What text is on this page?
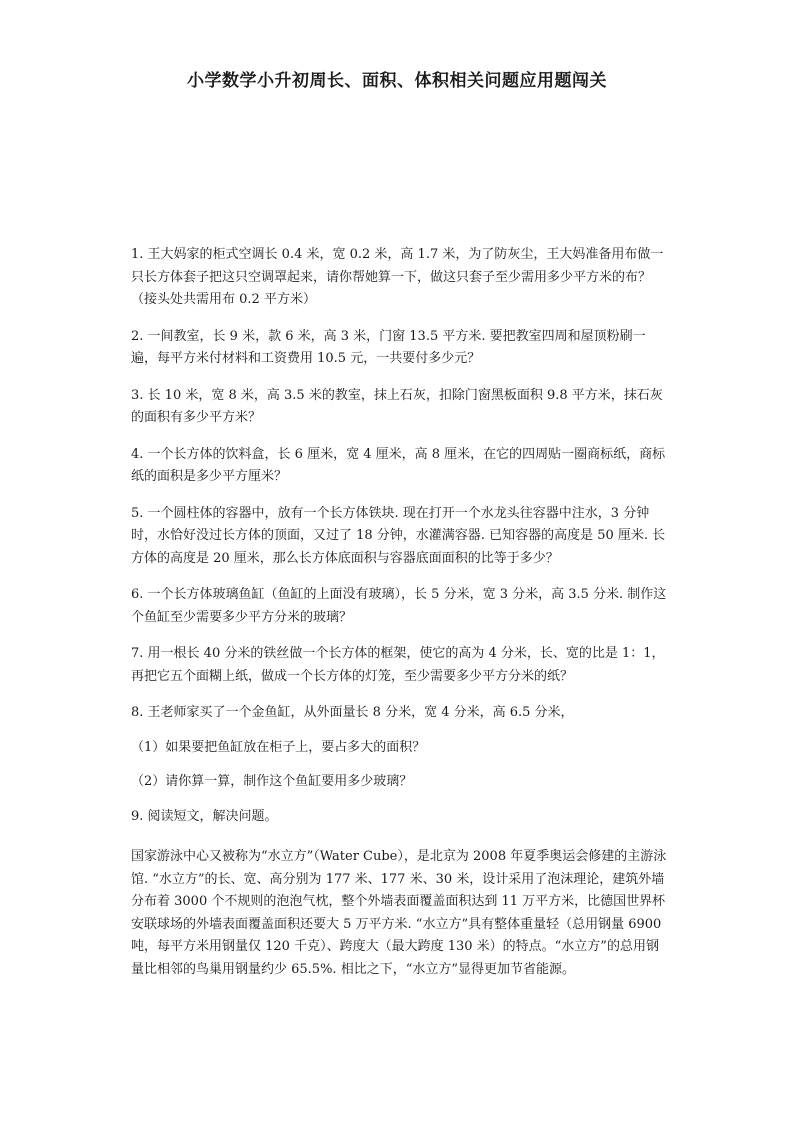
小学数学小升初周长、面积、体积相关问题应用题闯关

1. 王大妈家的柜式空调长 0.4 米，宽 0.2 米，高 1.7 米，为了防灰尘，王大妈准备用布做一只长方体套子把这只空调罩起来，请你帮她算一下，做这只套子至少需用多少平方米的布？（接头处共需用布 0.2 平方米）

2. 一间教室，长 9 米，款 6 米，高 3 米，门窗 13.5 平方米. 要把教室四周和屋顶粉刷一遍，每平方米付材料和工资费用 10.5 元，一共要付多少元？

3. 长 10 米，宽 8 米，高 3.5 米的教室，抹上石灰，扣除门窗黑板面积 9.8 平方米，抹石灰的面积有多少平方米？

4. 一个长方体的饮料盒，长 6 厘米，宽 4 厘米，高 8 厘米，在它的四周贴一圈商标纸，商标纸的面积是多少平方厘米？

5. 一个圆柱体的容器中，放有一个长方体铁块. 现在打开一个水龙头往容器中注水，3 分钟时，水恰好没过长方体的顶面，又过了 18 分钟，水灌满容器. 已知容器的高度是 50 厘米. 长方体的高度是 20 厘米，那么长方体底面积与容器底面面积的比等于多少？

6. 一个长方体玻璃鱼缸（鱼缸的上面没有玻璃），长 5 分米，宽 3 分米，高 3.5 分米. 制作这个鱼缸至少需要多少平方分米的玻璃？

7. 用一根长 40 分米的铁丝做一个长方体的框架，使它的高为 4 分米，长、宽的比是 1：1，再把它五个面糊上纸，做成一个长方体的灯笼，至少需要多少平方分米的纸？

8. 王老师家买了一个金鱼缸，从外面量长 8 分米，宽 4 分米，高 6.5 分米，

（1）如果要把鱼缸放在柜子上，要占多大的面积？

（2）请你算一算，制作这个鱼缸要用多少玻璃？

9. 阅读短文，解决问题。

国家游泳中心又被称为“水立方”（Water Cube），是北京为 2008 年夏季奥运会修建的主游泳馆. “水立方”的长、宽、高分别为 177 米、177 米、30 米，设计采用了泡沫理论，建筑外墙分布着 3000 个不规则的泡泡气枕，整个外墙表面覆盖面积达到 11 万平方米，比德国世界杯安联球场的外墙表面覆盖面积还要大 5 万平方米. “水立方”具有整体重量轻（总用钢量 6900 吨，每平方米用钢量仅 120 千克）、跨度大（最大跨度 130 米）的特点。“水立方”的总用钢量比相邻的鸟巢用钢量约少 65.5%. 相比之下，“水立方”显得更加节省能源。
